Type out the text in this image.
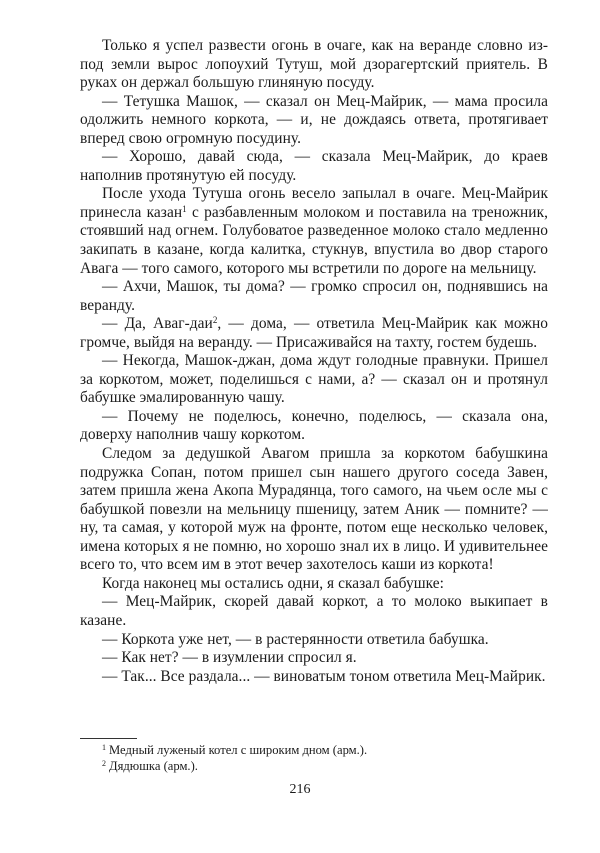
Только я успел развести огонь в очаге, как на веранде словно из-под земли вырос лопоухий Тутуш, мой дзорагертский приятель. В руках он держал большую глиняную посуду.

— Тетушка Машок, — сказал он Мец-Майрик, — мама просила одолжить немного коркота, — и, не дождаясь ответа, протягивает вперед свою огромную посудину.

— Хорошо, давай сюда, — сказала Мец-Майрик, до краев наполнив протянутую ей посуду.

После ухода Тутуша огонь весело запылал в очаге. Мец-Майрик принесла казан$^1$ с разбавленным молоком и поставила на треножник, стоявший над огнем. Голубоватое разведенное молоко стало медленно закипать в казане, когда калитка, стукнув, впустила во двор старого Авага — того самого, которого мы встретили по дороге на мельницу.

— Ахчи, Машок, ты дома? — громко спросил он, поднявшись на веранду.

— Да, Аваг-даи$^2$, — дома, — ответила Мец-Майрик как можно громче, выйдя на веранду. — Присаживайся на тахту, гостем будешь.

— Некогда, Машок-джан, дома ждут голодные правнуки. Пришел за коркотом, может, поделишься с нами, а? — сказал он и протянул бабушке эмалированную чашу.

— Почему не поделюсь, конечно, поделюсь, — сказала она, доверху наполнив чашу коркотом.

Следом за дедушкой Авагом пришла за коркотом бабушкина подружка Сопан, потом пришел сын нашего другого соседа Завен, затем пришла жена Акопа Мурадянца, того самого, на чьем осле мы с бабушкой повезли на мельницу пшеницу, затем Аник — помните? — ну, та самая, у которой муж на фронте, потом еще несколько человек, имена которых я не помню, но хорошо знал их в лицо. И удивительнее всего то, что всем им в этот вечер захотелось каши из коркота!

Когда наконец мы остались одни, я сказал бабушке:

— Мец-Майрик, скорей давай коркот, а то молоко выкипает в казане.

— Коркота уже нет, — в растерянности ответила бабушка.

— Как нет? — в изумлении спросил я.

— Так... Все раздала... — виноватым тоном ответила Мец-Майрик.

$^1$ Медный луженый котел с широким дном (арм.).

$^2$ Дядюшка (арм.).

216
